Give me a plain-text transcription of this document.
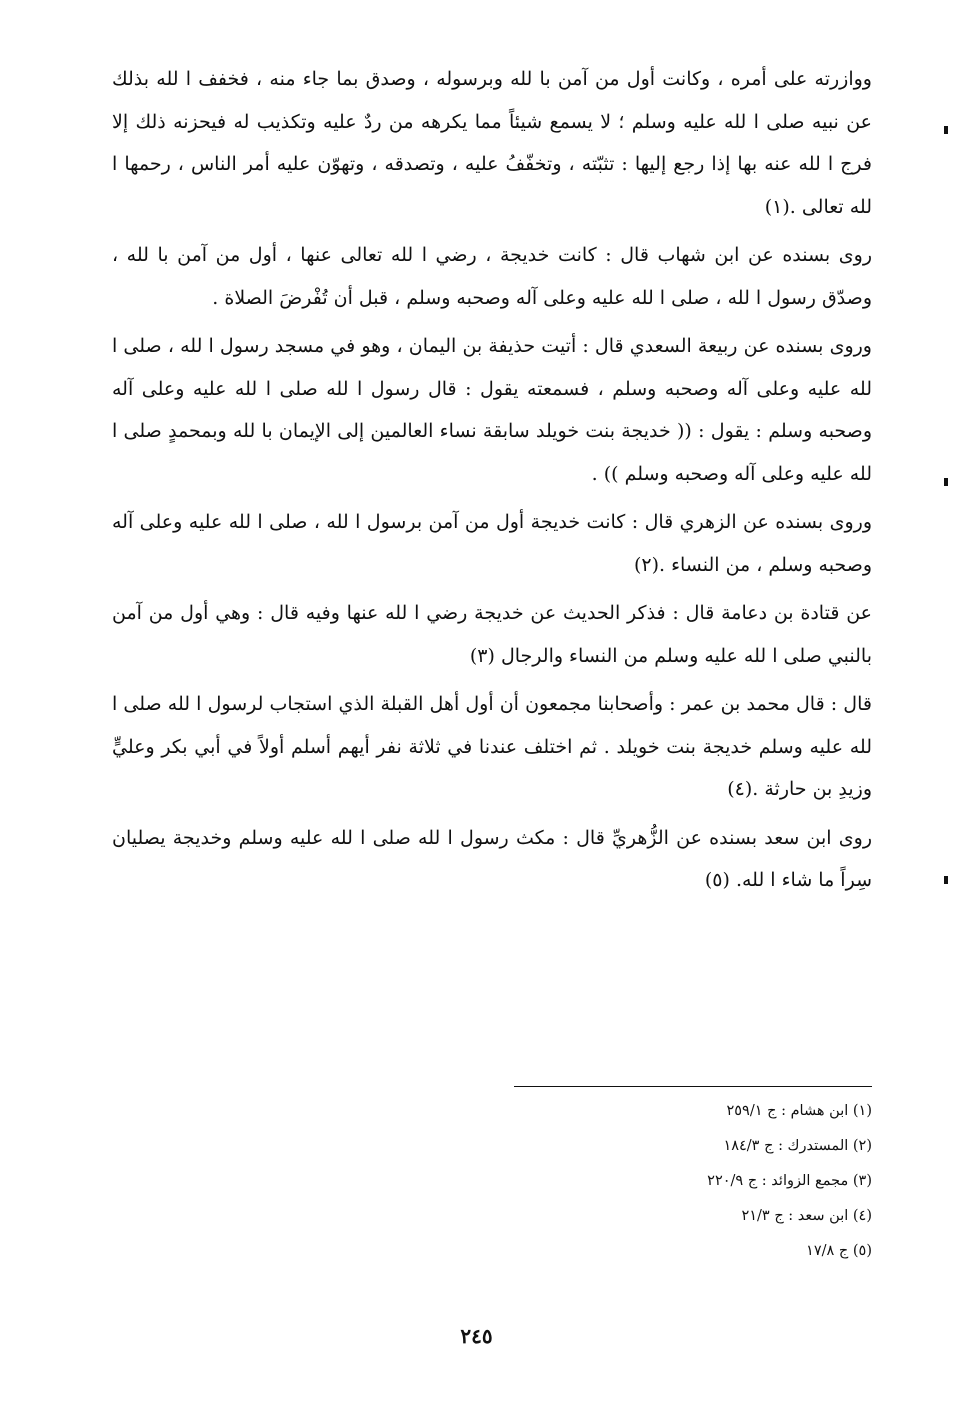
ووازرته على أمره ، وكانت أول من آمن با لله وبرسوله ، وصدق بما جاء منه ، فخفف ا لله بذلك عن نبيه صلى ا لله عليه وسلم ؛ لا يسمع شيئاً مما يكرهه من ردٌ عليه وتكذيب له فيحزنه ذلك إلا فرج ا لله عنه بها إذا رجع إليها : تثبّته ، وتخفّفُ عليه ، وتصدقه ، وتهوّن عليه أمر الناس ، رحمها ا لله تعالى .(١)

روى بسنده عن ابن شهاب قال : كانت خديجة ، رضي ا لله تعالى عنها ، أول من آمن با لله ، وصدّق رسول ا لله ، صلى ا لله عليه وعلى آله وصحبه وسلم ، قبل أن تُفْرضَ الصلاة .

وروى بسنده عن ربيعة السعدي قال : أتيت حذيفة بن اليمان ، وهو في مسجد رسول ا لله ، صلى ا لله عليه وعلى آله وصحبه وسلم ، فسمعته يقول : قال رسول ا لله صلى ا لله عليه وعلى آله وصحبه وسلم : يقول : (( خديجة بنت خويلد سابقة نساء العالمين إلى الإيمان با لله وبمحمدٍ صلى ا لله عليه وعلى آله وصحبه وسلم )) .

وروى بسنده عن الزهري قال : كانت خديجة أول من آمن برسول ا لله ، صلى ا لله عليه وعلى آله وصحبه وسلم ، من النساء .(٢)

عن قتادة بن دعامة قال : فذكر الحديث عن خديجة رضي ا لله عنها وفيه قال : وهي أول من آمن بالنبي صلى ا لله عليه وسلم من النساء والرجال (٣)

قال : قال محمد بن عمر : وأصحابنا مجمعون أن أول أهل القبلة الذي استجاب لرسول ا لله صلى ا لله عليه وسلم خديجة بنت خويلد . ثم اختلف عندنا في ثلاثة نفر أيهم أسلم أولاً في أبي بكر وعليٍّ وزيدِ بن حارثة .(٤)

روى ابن سعد بسنده عن الزُّهريِّ قال : مكث رسول ا لله صلى ا لله عليه وسلم وخديجة يصليان سِراً ما شاء ا لله. (٥)

(١) ابن هشام : ج ٢٥٩/١
(٢) المستدرك : ج ١٨٤/٣
(٣) مجمع الزوائد : ج ٢٢٠/٩
(٤) ابن سعد : ج ٢١/٣
(٥) ج ١٧/٨
٢٤٥
